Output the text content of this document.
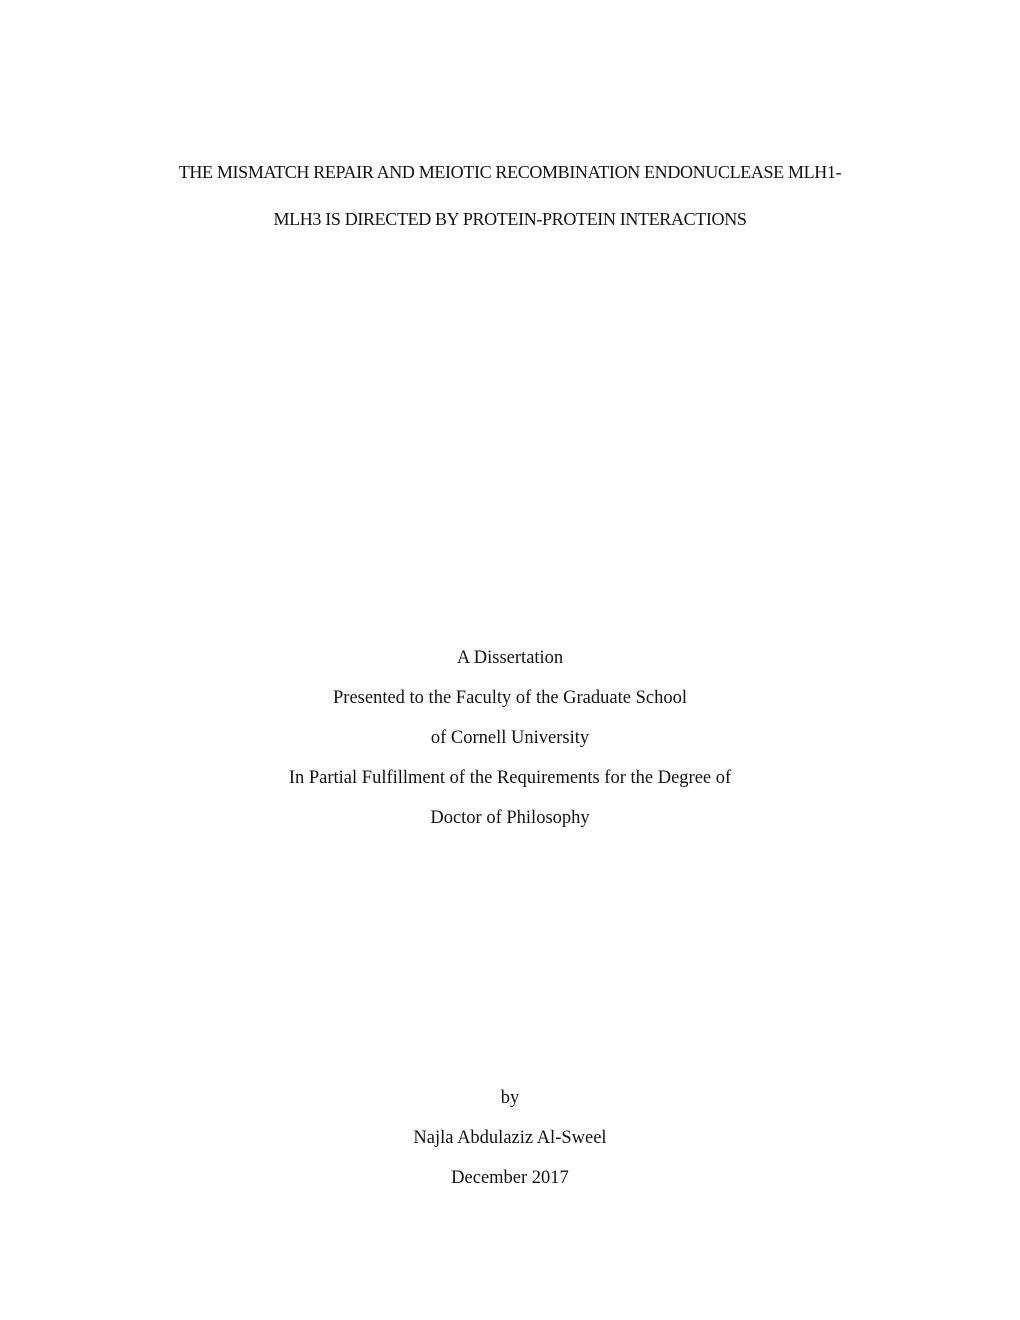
THE MISMATCH REPAIR AND MEIOTIC RECOMBINATION ENDONUCLEASE MLH1-
MLH3 IS DIRECTED BY PROTEIN-PROTEIN INTERACTIONS
A Dissertation
Presented to the Faculty of the Graduate School
of Cornell University
In Partial Fulfillment of the Requirements for the Degree of
Doctor of Philosophy
by
Najla Abdulaziz Al-Sweel
December 2017
